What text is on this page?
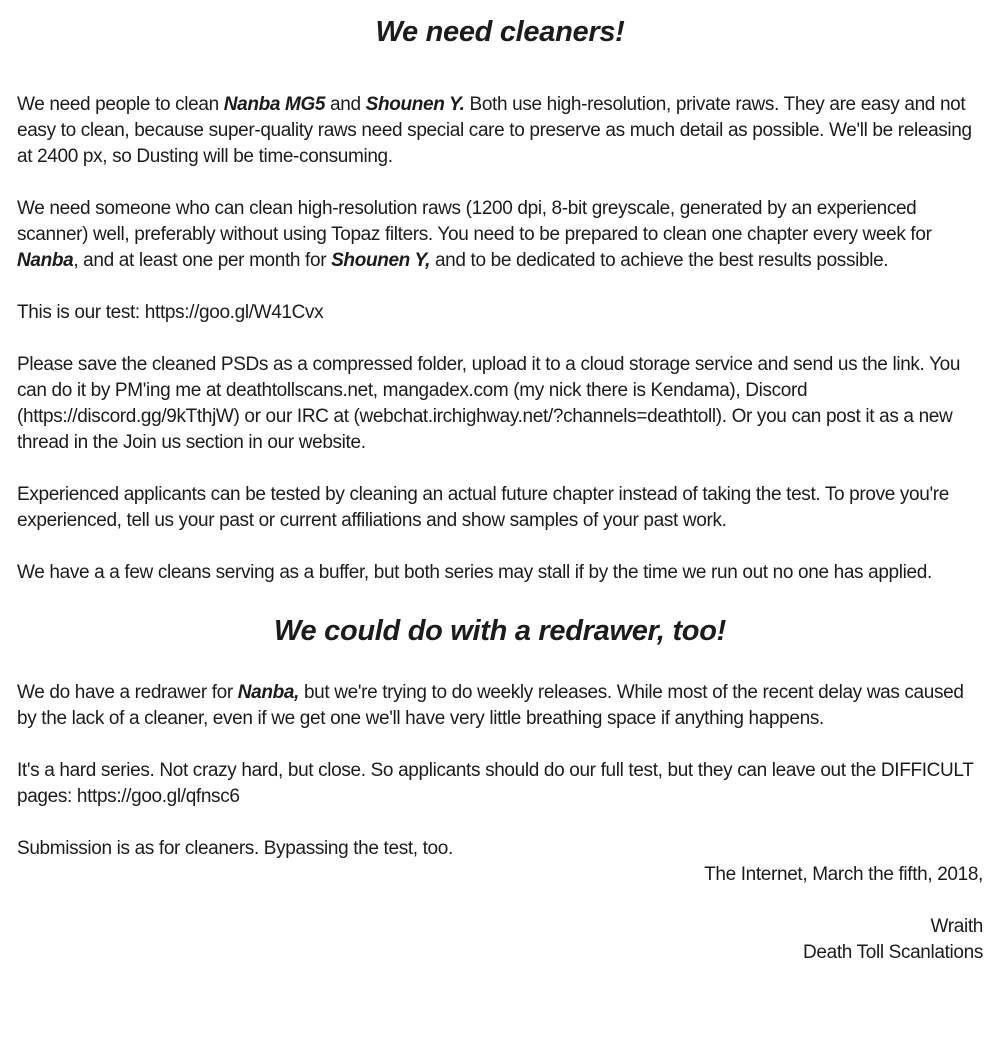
We need cleaners!

We need people to clean Nanba MG5 and Shounen Y. Both use high-resolution, private raws. They are easy and not easy to clean, because super-quality raws need special care to preserve as much detail as possible. We'll be releasing at 2400 px, so Dusting will be time-consuming.

We need someone who can clean high-resolution raws (1200 dpi, 8-bit greyscale, generated by an experienced scanner) well, preferably without using Topaz filters. You need to be prepared to clean one chapter every week for Nanba, and at least one per month for Shounen Y, and to be dedicated to achieve the best results possible.

This is our test: https://goo.gl/W41Cvx

Please save the cleaned PSDs as a compressed folder, upload it to a cloud storage service and send us the link. You can do it by PM'ing me at deathtollscans.net, mangadex.com (my nick there is Kendama), Discord (https://discord.gg/9kTthjW) or our IRC at (webchat.irchighway.net/?channels=deathtoll). Or you can post it as a new thread in the Join us section in our website.

Experienced applicants can be tested by cleaning an actual future chapter instead of taking the test. To prove you're experienced, tell us your past or current affiliations and show samples of your past work.

We have a a few cleans serving as a buffer, but both series may stall if by the time we run out no one has applied.

We could do with a redrawer, too!

We do have a redrawer for Nanba, but we're trying to do weekly releases. While most of the recent delay was caused by the lack of a cleaner, even if we get one we'll have very little breathing space if anything happens.

It's a hard series. Not crazy hard, but close. So applicants should do our full test, but they can leave out the DIFFICULT pages: https://goo.gl/qfnsc6

Submission is as for cleaners. Bypassing the test, too.

The Internet, March the fifth, 2018,

Wraith

Death Toll Scanlations
